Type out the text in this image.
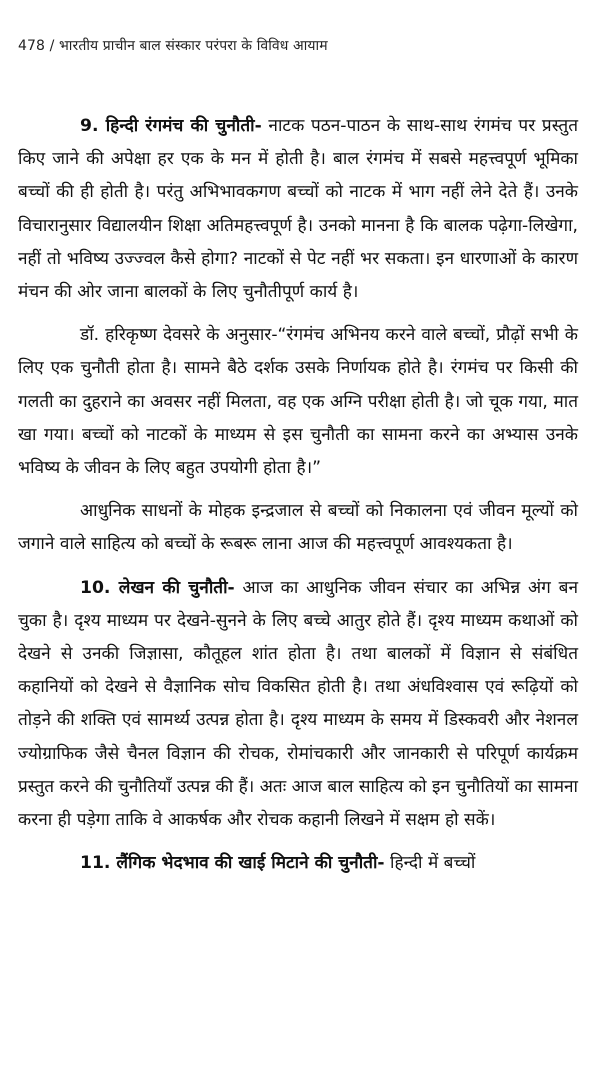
478 / भारतीय प्राचीन बाल संस्कार परंपरा के विविध आयाम

9. हिन्दी रंगमंच की चुनौती- नाटक पठन-पाठन के साथ-साथ रंगमंच पर प्रस्तुत किए जाने की अपेक्षा हर एक के मन में होती है। बाल रंगमंच में सबसे महत्त्वपूर्ण भूमिका बच्चों की ही होती है। परंतु अभिभावकगण बच्चों को नाटक में भाग नहीं लेने देते हैं। उनके विचारानुसार विद्यालयीन शिक्षा अतिमहत्त्वपूर्ण है। उनको मानना है कि बालक पढ़ेगा-लिखेगा, नहीं तो भविष्य उज्ज्वल कैसे होगा? नाटकों से पेट नहीं भर सकता। इन धारणाओं के कारण मंचन की ओर जाना बालकों के लिए चुनौतीपूर्ण कार्य है।

डॉ. हरिकृष्ण देवसरे के अनुसार-“रंगमंच अभिनय करने वाले बच्चों, प्रौढ़ों सभी के लिए एक चुनौती होता है। सामने बैठे दर्शक उसके निर्णायक होते है। रंगमंच पर किसी की गलती का दुहराने का अवसर नहीं मिलता, वह एक अग्नि परीक्षा होती है। जो चूक गया, मात खा गया। बच्चों को नाटकों के माध्यम से इस चुनौती का सामना करने का अभ्यास उनके भविष्य के जीवन के लिए बहुत उपयोगी होता है।”

आधुनिक साधनों के मोहक इन्द्रजाल से बच्चों को निकालना एवं जीवन मूल्यों को जगाने वाले साहित्य को बच्चों के रूबरू लाना आज की महत्त्वपूर्ण आवश्यकता है।

10. लेखन की चुनौती- आज का आधुनिक जीवन संचार का अभिन्न अंग बन चुका है। दृश्य माध्यम पर देखने-सुनने के लिए बच्चे आतुर होते हैं। दृश्य माध्यम कथाओं को देखने से उनकी जिज्ञासा, कौतूहल शांत होता है। तथा बालकों में विज्ञान से संबंधित कहानियों को देखने से वैज्ञानिक सोच विकसित होती है। तथा अंधविश्वास एवं रूढ़ियों को तोड़ने की शक्ति एवं सामर्थ्य उत्पन्न होता है। दृश्य माध्यम के समय में डिस्कवरी और नेशनल ज्योग्राफिक जैसे चैनल विज्ञान की रोचक, रोमांचकारी और जानकारी से परिपूर्ण कार्यक्रम प्रस्तुत करने की चुनौतियाँ उत्पन्न की हैं। अतः आज बाल साहित्य को इन चुनौतियों का सामना करना ही पड़ेगा ताकि वे आकर्षक और रोचक कहानी लिखने में सक्षम हो सकें।

11. लैंगिक भेदभाव की खाई मिटाने की चुनौती- हिन्दी में बच्चों
